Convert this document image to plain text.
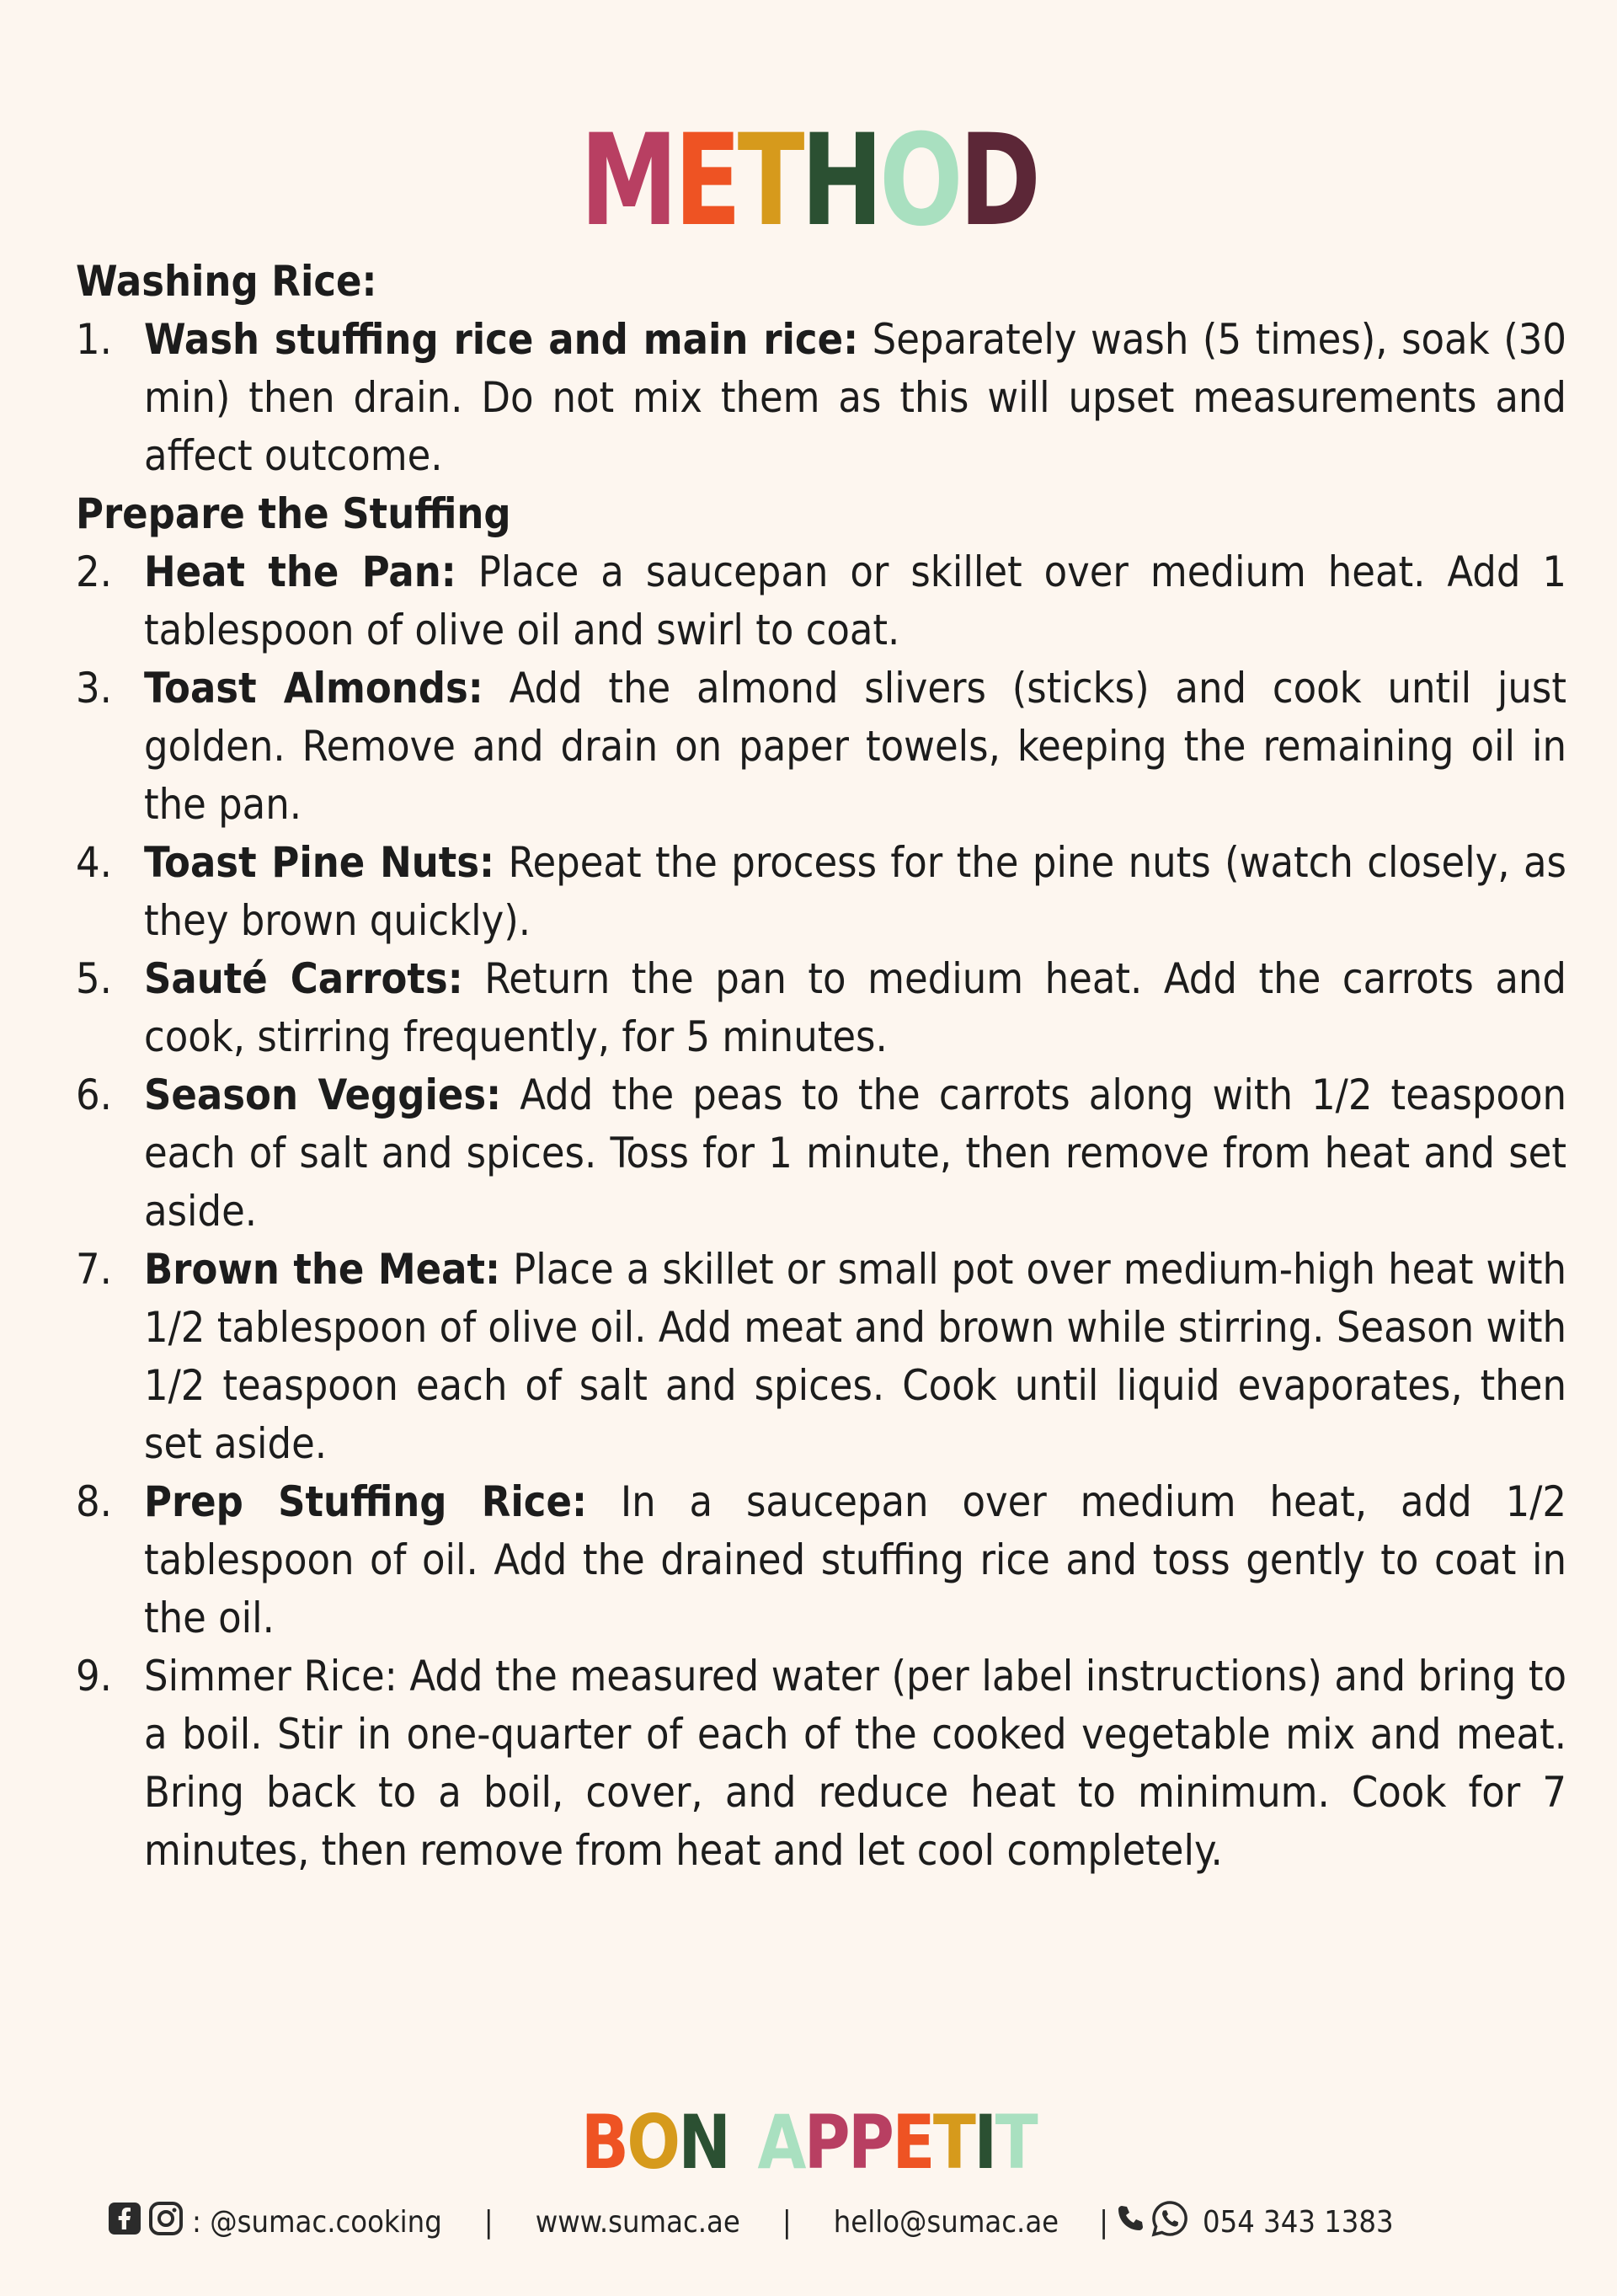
METHOD

Washing Rice:

1. Wash stuffing rice and main rice: Separately wash (5 times), soak (30 min) then drain. Do not mix them as this will upset measurements and affect outcome.

Prepare the Stuffing

2. Heat the Pan: Place a saucepan or skillet over medium heat. Add 1 tablespoon of olive oil and swirl to coat.
3. Toast Almonds: Add the almond slivers (sticks) and cook until just golden. Remove and drain on paper towels, keeping the remaining oil in the pan.
4. Toast Pine Nuts: Repeat the process for the pine nuts (watch closely, as they brown quickly).
5. Sauté Carrots: Return the pan to medium heat. Add the carrots and cook, stirring frequently, for 5 minutes.
6. Season Veggies: Add the peas to the carrots along with 1/2 teaspoon each of salt and spices. Toss for 1 minute, then remove from heat and set aside.
7. Brown the Meat: Place a skillet or small pot over medium-high heat with 1/2 tablespoon of olive oil. Add meat and brown while stirring. Season with 1/2 teaspoon each of salt and spices. Cook until liquid evaporates, then set aside.
8. Prep Stuffing Rice: In a saucepan over medium heat, add 1/2 tablespoon of oil. Add the drained stuffing rice and toss gently to coat in the oil.
9. Simmer Rice: Add the measured water (per label instructions) and bring to a boil. Stir in one-quarter of each of the cooked vegetable mix and meat. Bring back to a boil, cover, and reduce heat to minimum. Cook for 7 minutes, then remove from heat and let cool completely.
BON APPETIT
: @sumac.cooking | www.sumac.ae | hello@sumac.ae |	054 343 1383
